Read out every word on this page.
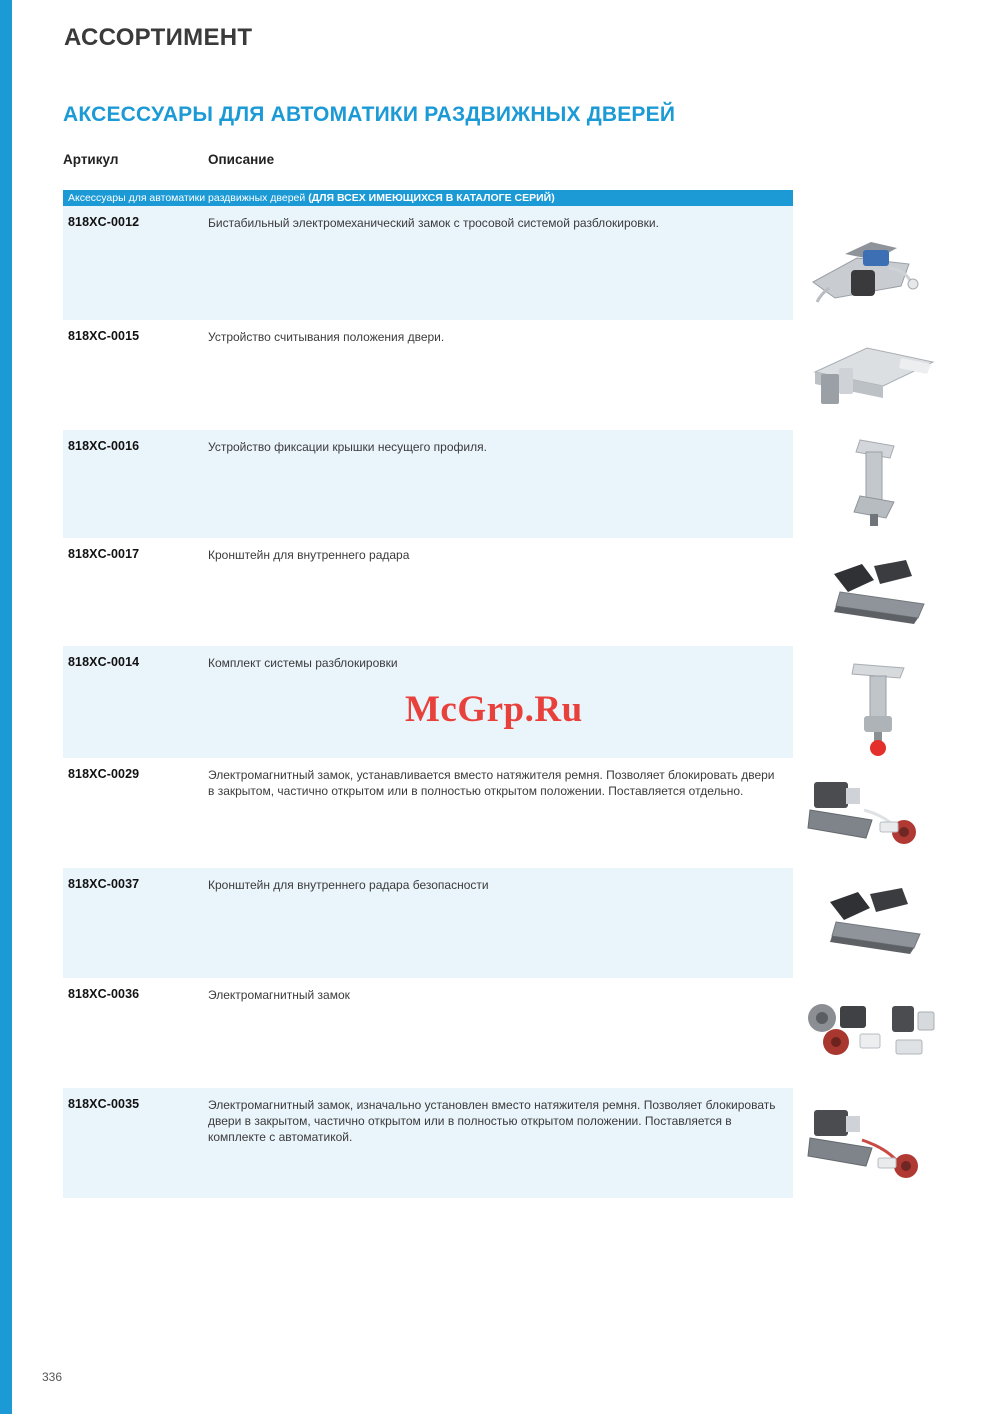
АССОРТИМЕНТ
АКСЕССУАРЫ ДЛЯ АВТОМАТИКИ РАЗДВИЖНЫХ ДВЕРЕЙ
Артикул	Описание
Аксессуары для автоматики раздвижных дверей (ДЛЯ ВСЕХ ИМЕЮЩИХСЯ В КАТАЛОГЕ СЕРИЙ)
818XC-0012	Бистабильный электромеханический замок с тросовой системой разблокировки.
818XC-0015	Устройство считывания положения двери.
818XC-0016	Устройство фиксации крышки несущего профиля.
818XC-0017	Кронштейн для внутреннего радара
818XC-0014	Комплект системы разблокировки
818XC-0029	Электромагнитный замок, устанавливается вместо натяжителя ремня. Позволяет блокировать двери в закрытом, частично открытом или в полностью открытом положении. Поставляется отдельно.
818XC-0037	Кронштейн для внутреннего радара безопасности
818XC-0036	Электромагнитный замок
818XC-0035	Электромагнитный замок, изначально установлен вместо натяжителя ремня. Позволяет блокировать двери в закрытом, частично открытом или в полностью открытом положении. Поставляется в комплекте с автоматикой.
McGrp.Ru
336
